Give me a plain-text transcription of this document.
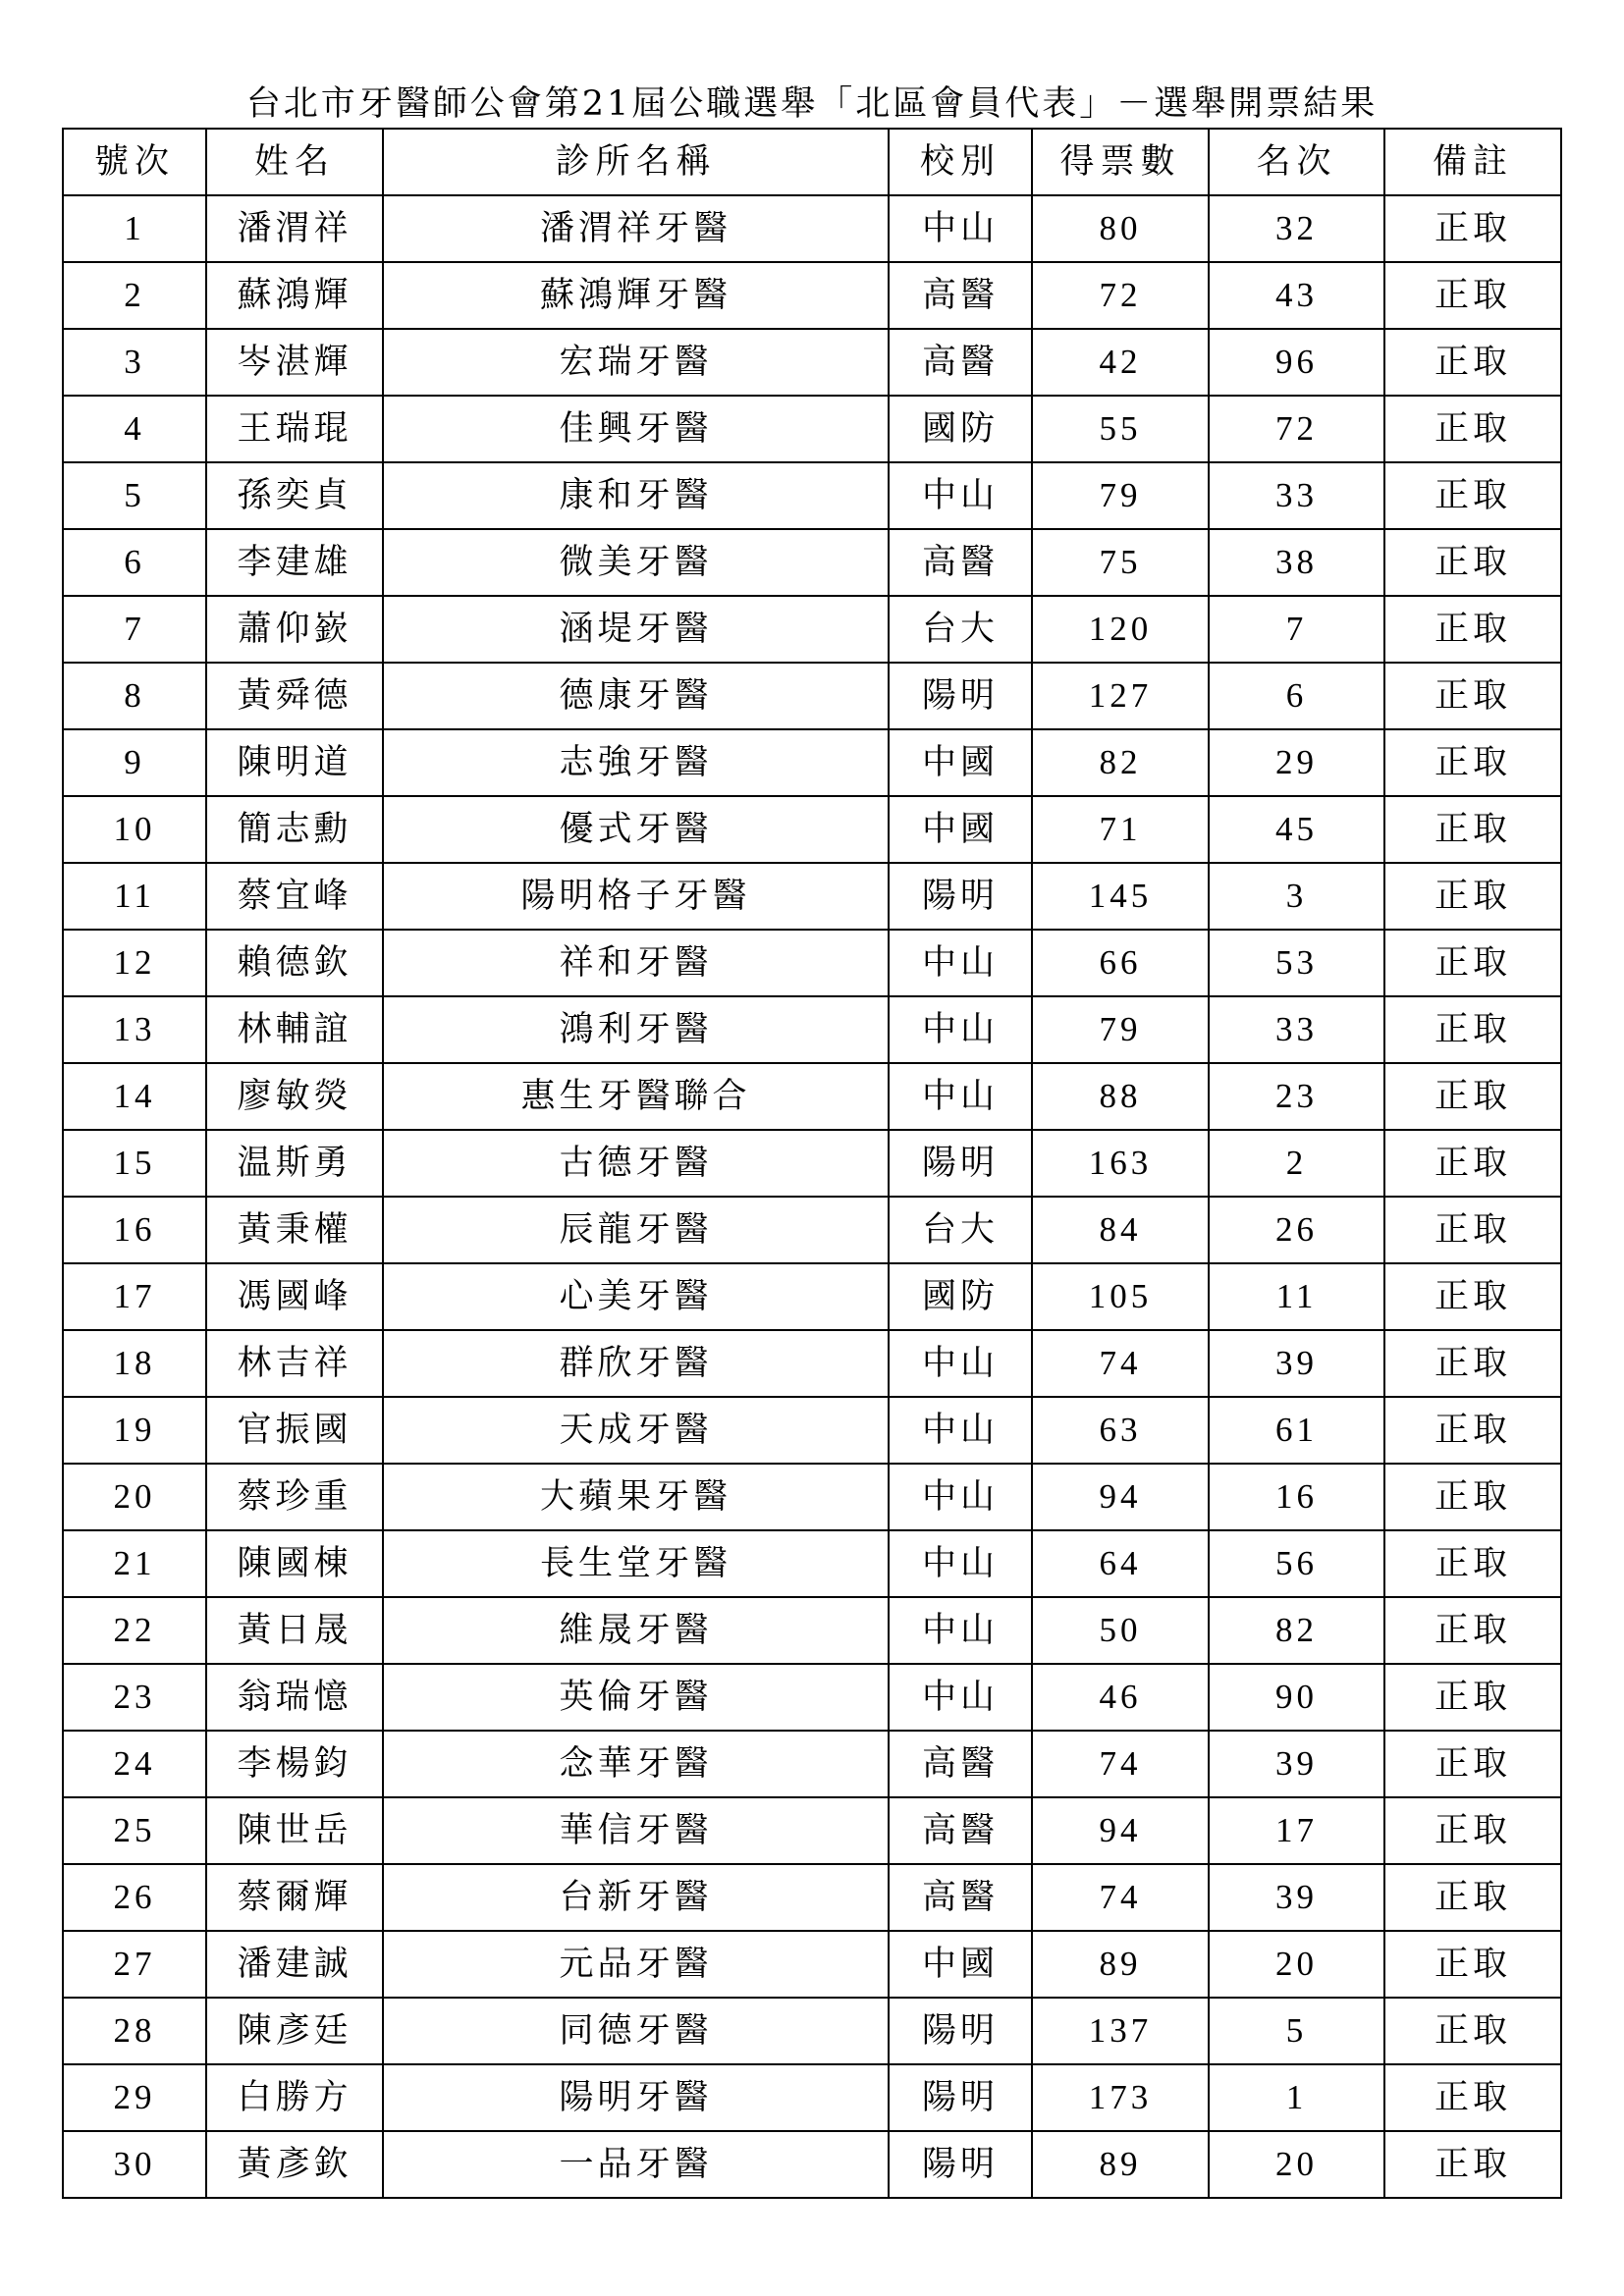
台北市牙醫師公會第21屆公職選舉「北區會員代表」－選舉開票結果
號次	姓名	診所名稱	校別	得票數	名次	備註
1	潘渭祥	潘渭祥牙醫	中山	80	32	正取
2	蘇鴻輝	蘇鴻輝牙醫	高醫	72	43	正取
3	岑湛輝	宏瑞牙醫	高醫	42	96	正取
4	王瑞琨	佳興牙醫	國防	55	72	正取
5	孫奕貞	康和牙醫	中山	79	33	正取
6	李建雄	微美牙醫	高醫	75	38	正取
7	蕭仰嶔	涵堤牙醫	台大	120	7	正取
8	黃舜德	德康牙醫	陽明	127	6	正取
9	陳明道	志強牙醫	中國	82	29	正取
10	簡志勳	優式牙醫	中國	71	45	正取
11	蔡宜峰	陽明格子牙醫	陽明	145	3	正取
12	賴德欽	祥和牙醫	中山	66	53	正取
13	林輔誼	鴻利牙醫	中山	79	33	正取
14	廖敏熒	惠生牙醫聯合	中山	88	23	正取
15	温斯勇	古德牙醫	陽明	163	2	正取
16	黃秉權	辰龍牙醫	台大	84	26	正取
17	馮國峰	心美牙醫	國防	105	11	正取
18	林吉祥	群欣牙醫	中山	74	39	正取
19	官振國	天成牙醫	中山	63	61	正取
20	蔡珍重	大蘋果牙醫	中山	94	16	正取
21	陳國棟	長生堂牙醫	中山	64	56	正取
22	黃日晟	維晟牙醫	中山	50	82	正取
23	翁瑞憶	英倫牙醫	中山	46	90	正取
24	李楊鈞	念華牙醫	高醫	74	39	正取
25	陳世岳	華信牙醫	高醫	94	17	正取
26	蔡爾輝	台新牙醫	高醫	74	39	正取
27	潘建誠	元品牙醫	中國	89	20	正取
28	陳彥廷	同德牙醫	陽明	137	5	正取
29	白勝方	陽明牙醫	陽明	173	1	正取
30	黃彥欽	一品牙醫	陽明	89	20	正取
